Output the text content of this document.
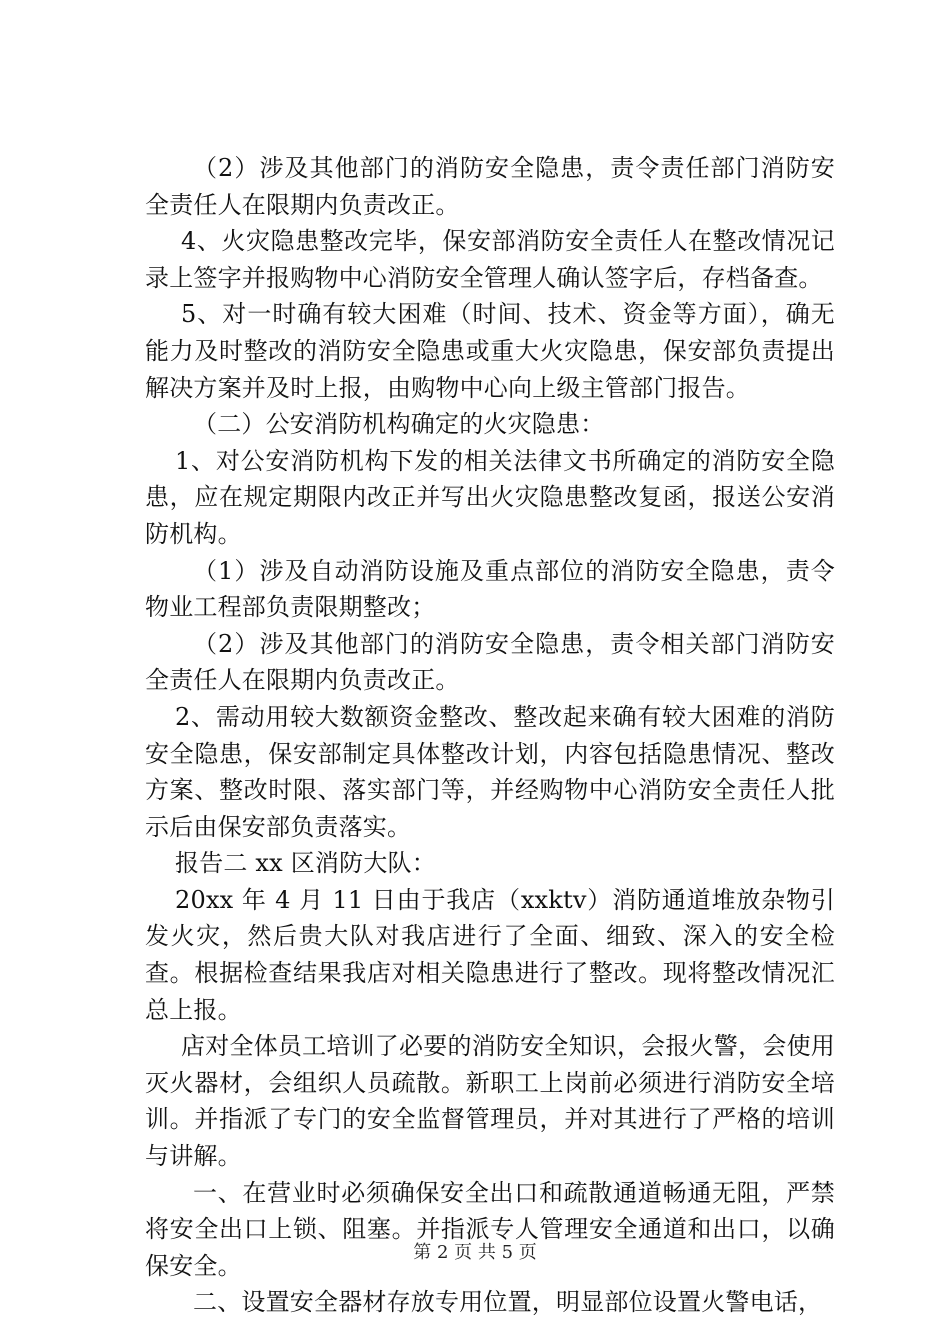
（2）涉及其他部门的消防安全隐患，责令责任部门消防安全责任人在限期内负责改正。

4、火灾隐患整改完毕，保安部消防安全责任人在整改情况记录上签字并报购物中心消防安全管理人确认签字后，存档备查。

5、对一时确有较大困难（时间、技术、资金等方面），确无能力及时整改的消防安全隐患或重大火灾隐患，保安部负责提出解决方案并及时上报，由购物中心向上级主管部门报告。

（二）公安消防机构确定的火灾隐患：

1、对公安消防机构下发的相关法律文书所确定的消防安全隐患，应在规定期限内改正并写出火灾隐患整改复函，报送公安消防机构。

（1）涉及自动消防设施及重点部位的消防安全隐患，责令物业工程部负责限期整改；

（2）涉及其他部门的消防安全隐患，责令相关部门消防安全责任人在限期内负责改正。

2、需动用较大数额资金整改、整改起来确有较大困难的消防安全隐患，保安部制定具体整改计划，内容包括隐患情况、整改方案、整改时限、落实部门等，并经购物中心消防安全责任人批示后由保安部负责落实。

报告二 xx 区消防大队：

20xx 年 4 月 11 日由于我店（xxktv）消防通道堆放杂物引发火灾，然后贵大队对我店进行了全面、细致、深入的安全检查。根据检查结果我店对相关隐患进行了整改。现将整改情况汇总上报。

店对全体员工培训了必要的消防安全知识，会报火警，会使用灭火器材，会组织人员疏散。新职工上岗前必须进行消防安全培训。并指派了专门的安全监督管理员，并对其进行了严格的培训与讲解。

一、在营业时必须确保安全出口和疏散通道畅通无阻，严禁将安全出口上锁、阻塞。并指派专人管理安全通道和出口，以确保安全。

二、设置安全器材存放专用位置，明显部位设置火警电话，

第 2 页 共 5 页
